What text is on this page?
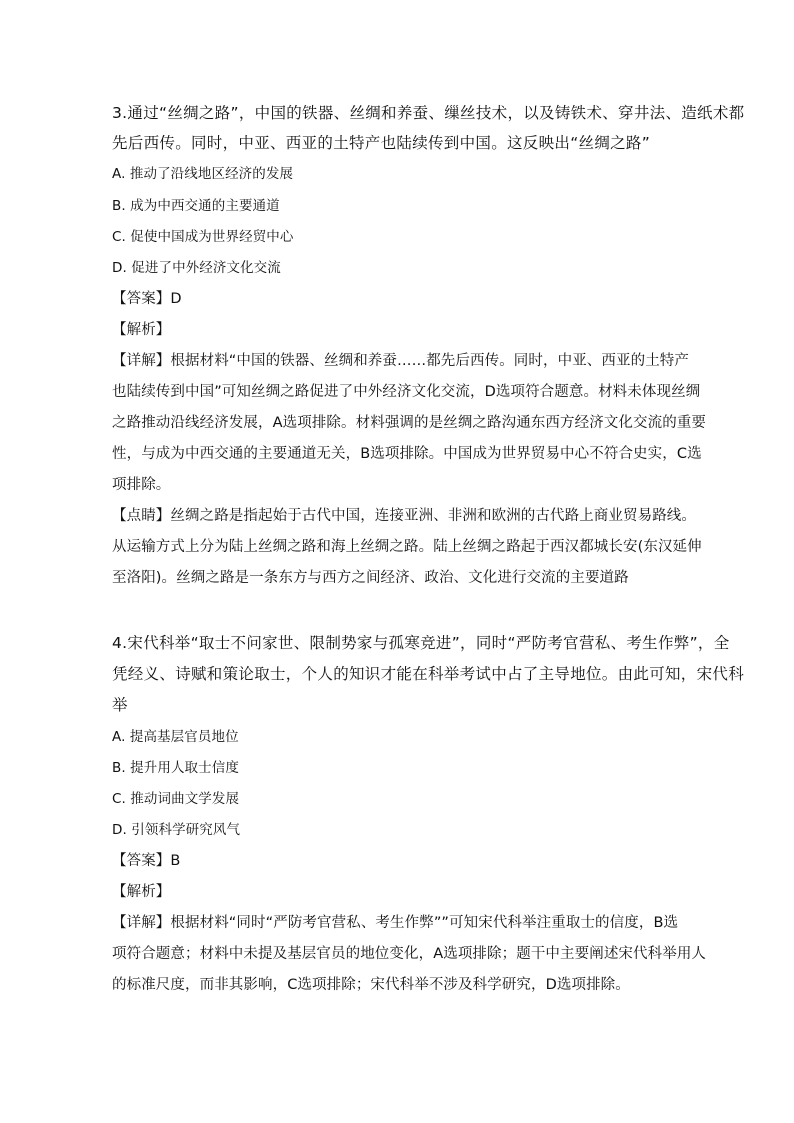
3.通过“丝绸之路”，中国的铁器、丝绸和养蚕、缫丝技术，以及铸铁术、穿井法、造纸术都
先后西传。同时，中亚、西亚的土特产也陆续传到中国。这反映出“丝绸之路”
A. 推动了沿线地区经济的发展
B. 成为中西交通的主要通道
C. 促使中国成为世界经贸中心
D. 促进了中外经济文化交流
【答案】D
【解析】
【详解】根据材料“中国的铁器、丝绸和养蚕……都先后西传。同时，中亚、西亚的土特产
也陆续传到中国”可知丝绸之路促进了中外经济文化交流，D选项符合题意。材料未体现丝绸
之路推动沿线经济发展，A选项排除。材料强调的是丝绸之路沟通东西方经济文化交流的重要
性，与成为中西交通的主要通道无关，B选项排除。中国成为世界贸易中心不符合史实，C选
项排除。
【点睛】丝绸之路是指起始于古代中国，连接亚洲、非洲和欧洲的古代路上商业贸易路线。
从运输方式上分为陆上丝绸之路和海上丝绸之路。陆上丝绸之路起于西汉都城长安(东汉延伸
至洛阳)。丝绸之路是一条东方与西方之间经济、政治、文化进行交流的主要道路
4.宋代科举“取士不问家世、限制势家与孤寒竞进”，同时“严防考官营私、考生作弊”，全
凭经义、诗赋和策论取士，个人的知识才能在科举考试中占了主导地位。由此可知，宋代科
举
A. 提高基层官员地位
B. 提升用人取士信度
C. 推动词曲文学发展
D. 引领科学研究风气
【答案】B
【解析】
【详解】根据材料“同时“严防考官营私、考生作弊””可知宋代科举注重取士的信度，B选
项符合题意；材料中未提及基层官员的地位变化，A选项排除；题干中主要阐述宋代科举用人
的标准尺度，而非其影响，C选项排除；宋代科举不涉及科学研究，D选项排除。
